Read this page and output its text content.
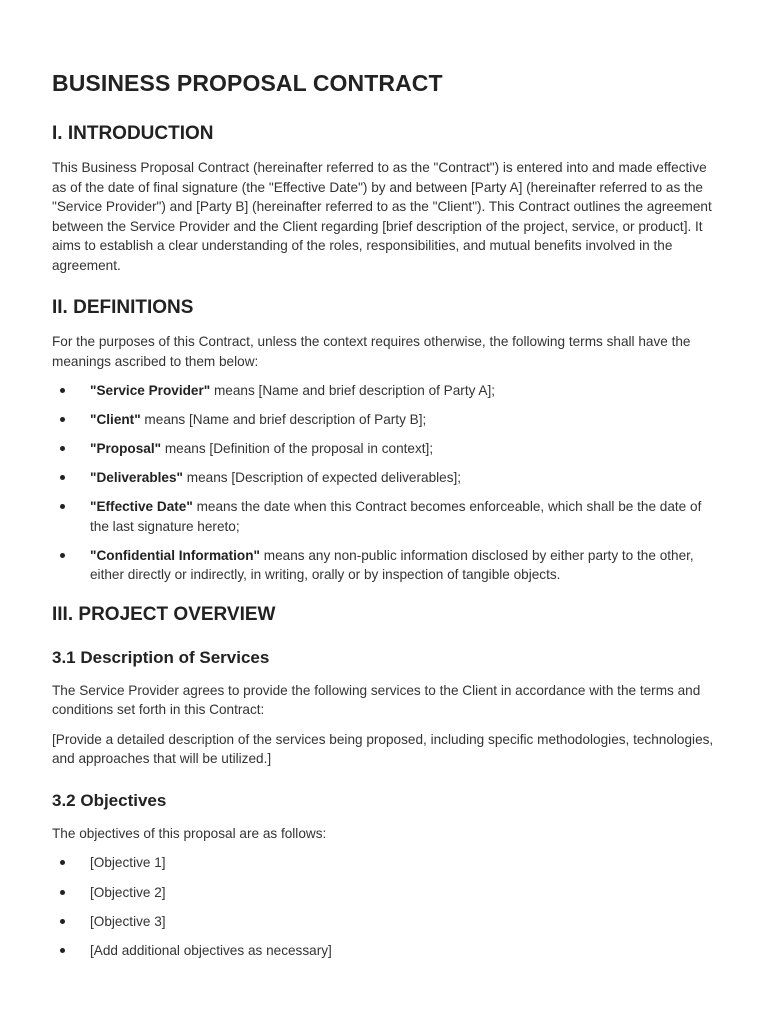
BUSINESS PROPOSAL CONTRACT
I. INTRODUCTION

This Business Proposal Contract (hereinafter referred to as the "Contract") is entered into and made effective as of the date of final signature (the "Effective Date") by and between [Party A] (hereinafter referred to as the "Service Provider") and [Party B] (hereinafter referred to as the "Client"). This Contract outlines the agreement between the Service Provider and the Client regarding [brief description of the project, service, or product]. It aims to establish a clear understanding of the roles, responsibilities, and mutual benefits involved in the agreement.

II. DEFINITIONS

For the purposes of this Contract, unless the context requires otherwise, the following terms shall have the meanings ascribed to them below:

"Service Provider" means [Name and brief description of Party A];
"Client" means [Name and brief description of Party B];
"Proposal" means [Definition of the proposal in context];
"Deliverables" means [Description of expected deliverables];
"Effective Date" means the date when this Contract becomes enforceable, which shall be the date of the last signature hereto;
"Confidential Information" means any non-public information disclosed by either party to the other, either directly or indirectly, in writing, orally or by inspection of tangible objects.
III. PROJECT OVERVIEW
3.1 Description of Services

The Service Provider agrees to provide the following services to the Client in accordance with the terms and conditions set forth in this Contract:

[Provide a detailed description of the services being proposed, including specific methodologies, technologies, and approaches that will be utilized.]

3.2 Objectives

The objectives of this proposal are as follows:

[Objective 1]
[Objective 2]
[Objective 3]
[Add additional objectives as necessary]
